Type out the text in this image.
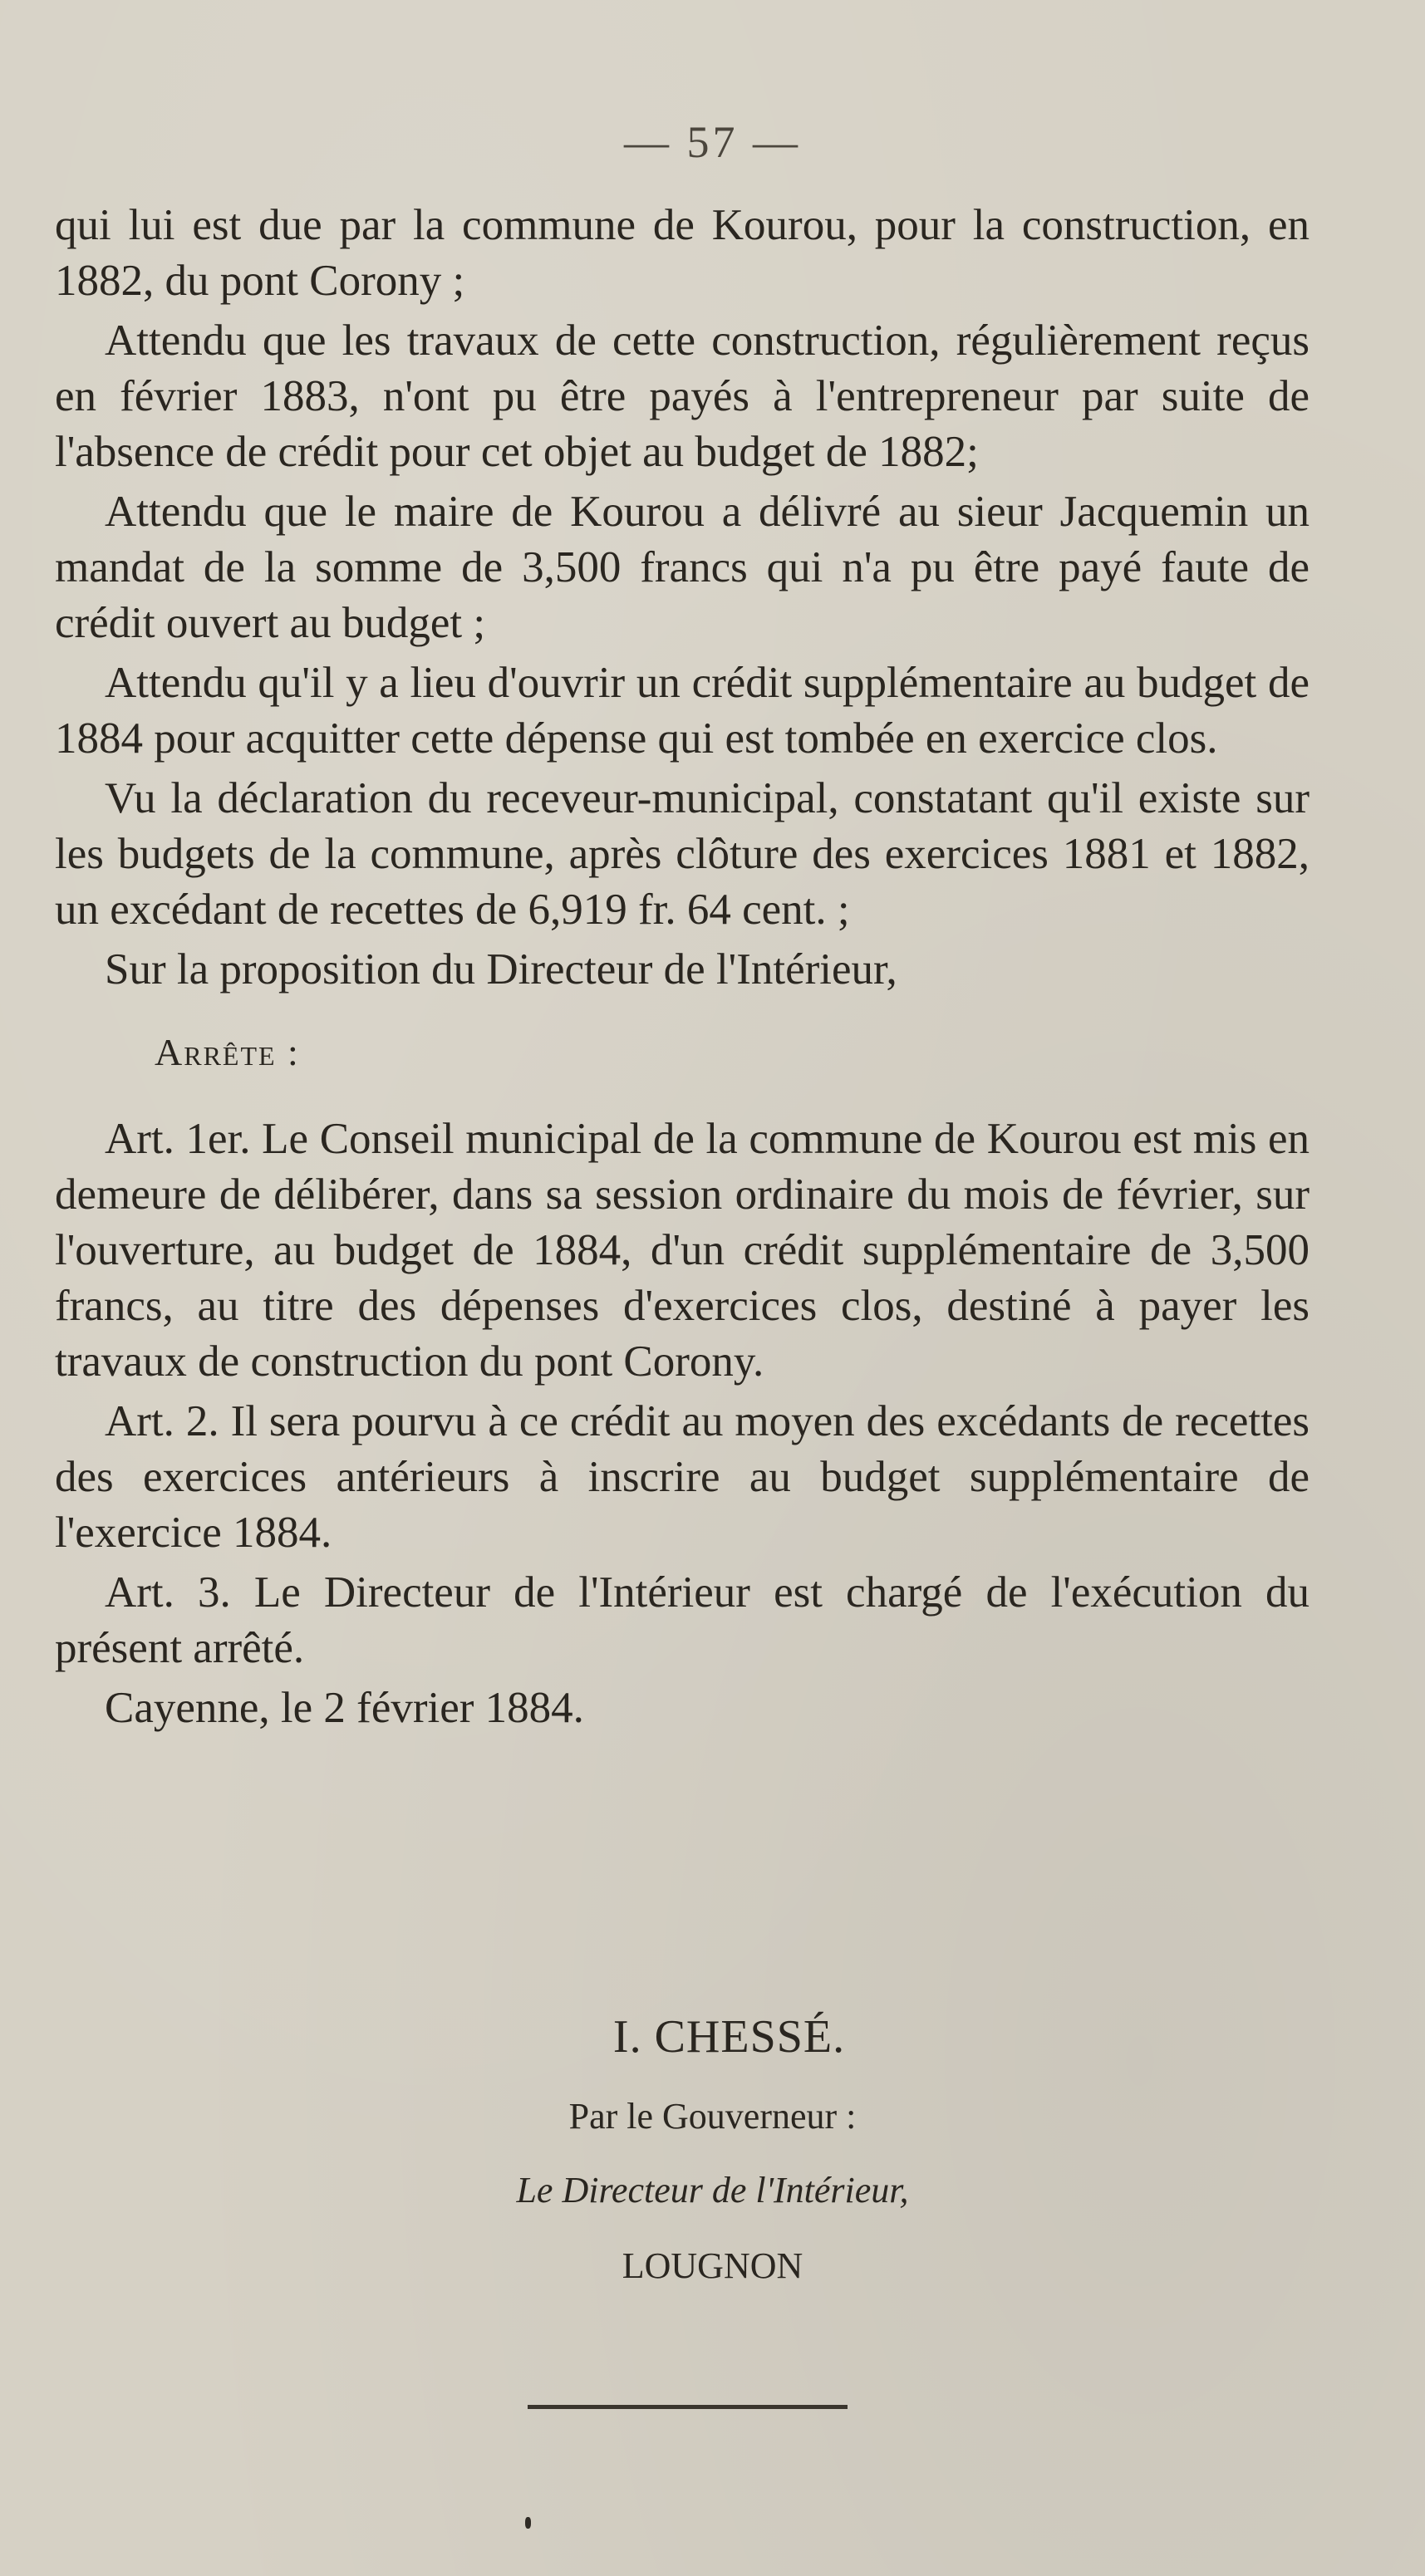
— 57 —

qui lui est due par la commune de Kourou, pour la construction, en 1882, du pont Corony ;

Attendu que les travaux de cette construction, régulièrement reçus en février 1883, n'ont pu être payés à l'entrepreneur par suite de l'absence de crédit pour cet objet au budget de 1882;

Attendu que le maire de Kourou a délivré au sieur Jacquemin un mandat de la somme de 3,500 francs qui n'a pu être payé faute de crédit ouvert au budget ;

Attendu qu'il y a lieu d'ouvrir un crédit supplémentaire au budget de 1884 pour acquitter cette dépense qui est tombée en exercice clos.

Vu la déclaration du receveur-municipal, constatant qu'il existe sur les budgets de la commune, après clôture des exercices 1881 et 1882, un excédant de recettes de 6,919 fr. 64 cent. ;

Sur la proposition du Directeur de l'Intérieur,

Arrête :

Art. 1er. Le Conseil municipal de la commune de Kourou est mis en demeure de délibérer, dans sa session ordinaire du mois de février, sur l'ouverture, au budget de 1884, d'un crédit supplémentaire de 3,500 francs, au titre des dépenses d'exercices clos, destiné à payer les travaux de construction du pont Corony.

Art. 2. Il sera pourvu à ce crédit au moyen des excédants de recettes des exercices antérieurs à inscrire au budget supplémentaire de l'exercice 1884.

Art. 3. Le Directeur de l'Intérieur est chargé de l'exécution du présent arrêté.

Cayenne, le 2 février 1884.

I. CHESSÉ.

Par le Gouverneur :

Le Directeur de l'Intérieur,

LOUGNON
